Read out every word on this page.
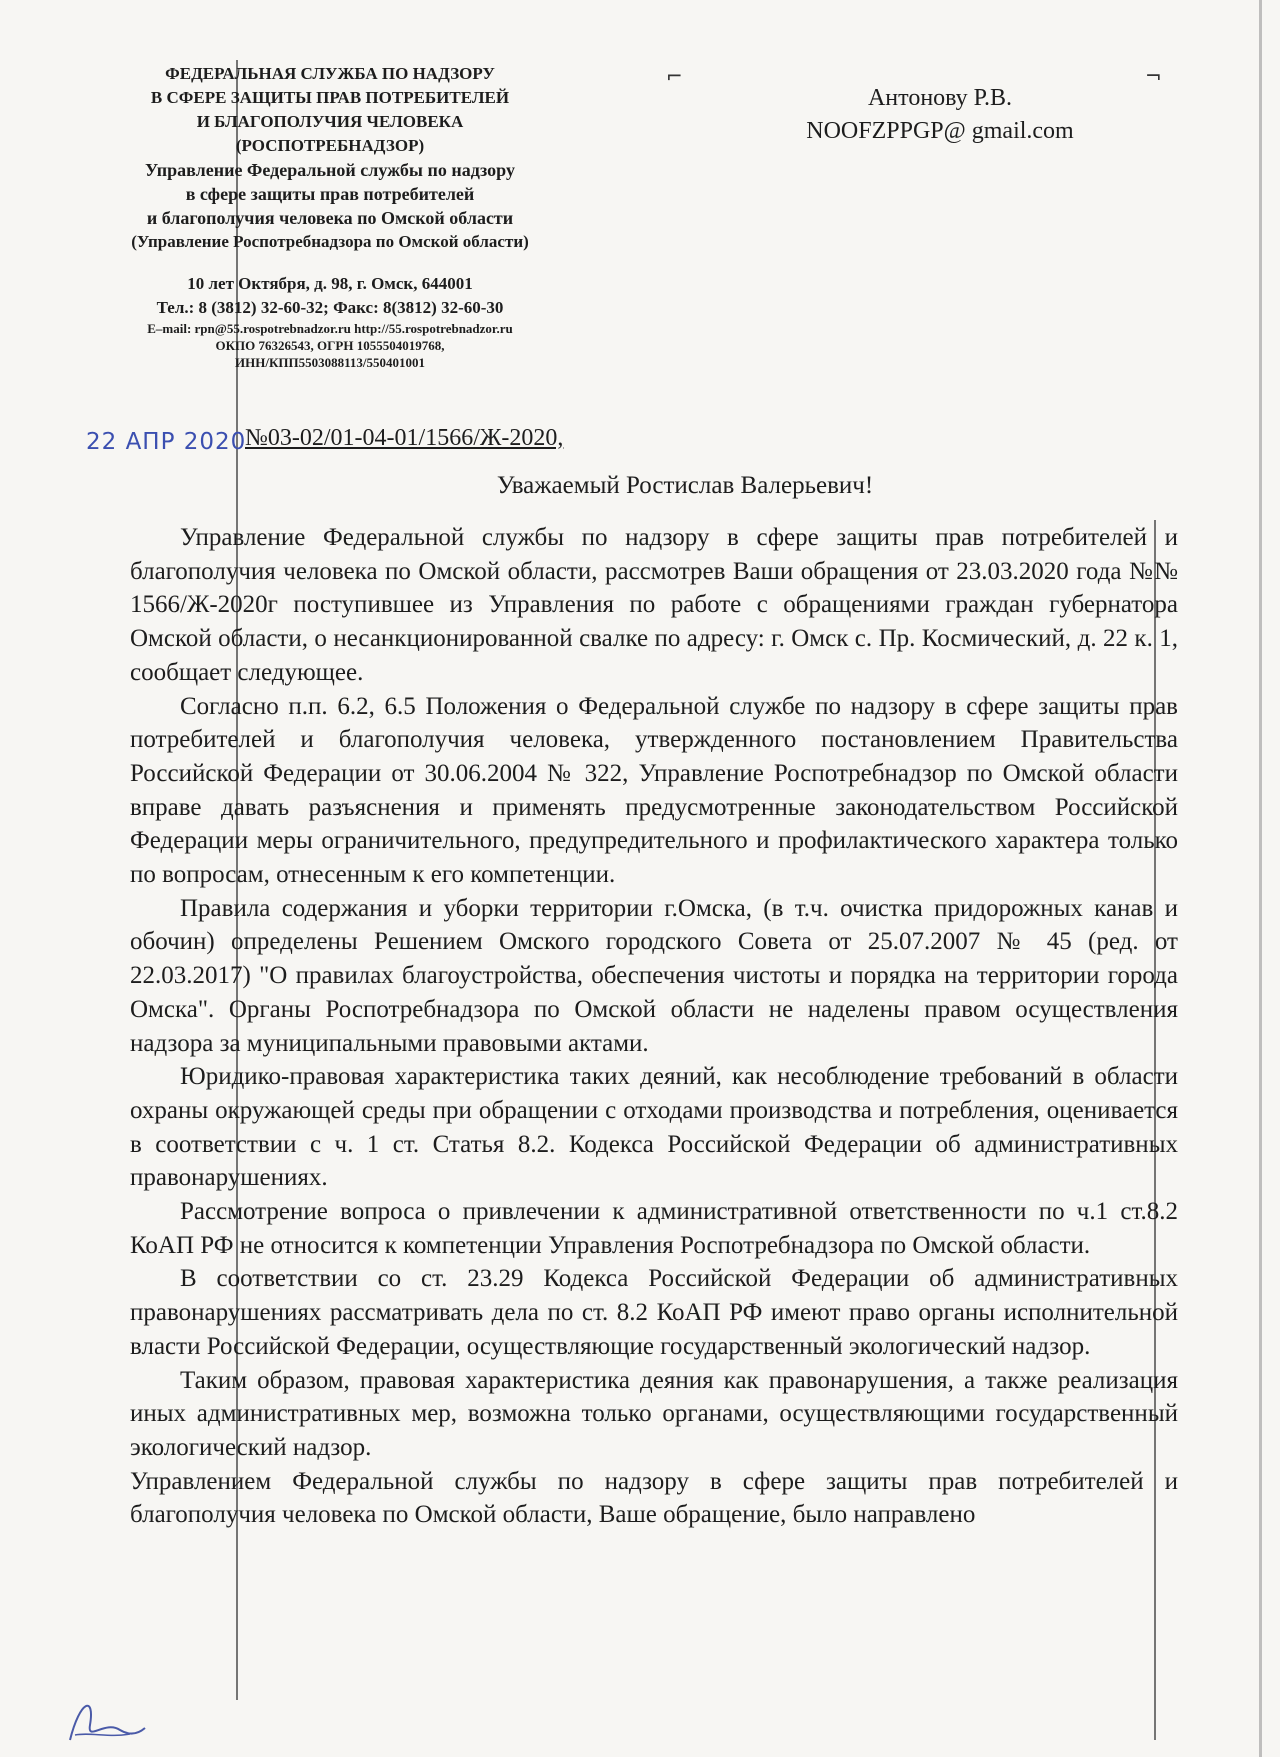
ФЕДЕРАЛЬНАЯ СЛУЖБА ПО НАДЗОРУ
В СФЕРЕ ЗАЩИТЫ ПРАВ ПОТРЕБИТЕЛЕЙ
И БЛАГОПОЛУЧИЯ ЧЕЛОВЕКА
(РОСПОТРЕБНАДЗОР)
Управление Федеральной службы по надзору
в сфере защиты прав потребителей
и благополучия человека по Омской области
(Управление Роспотребнадзора по Омской области)
10 лет Октября, д. 98, г. Омск, 644001
Тел.: 8 (3812) 32-60-32; Факс: 8(3812) 32-60-30
E–mail: rpn@55.rospotrebnadzor.ru http://55.rospotrebnadzor.ru
ОКПО 76326543, ОГРН 1055504019768,
ИНН/КПП5503088113/550401001
⌐	¬
Антонову Р.В.
NOOFZPPGP@ gmail.com
22 АПР 2020
№03-02/01-04-01/1566/Ж-2020,
Уважаемый Ростислав Валерьевич!

Управление Федеральной службы по надзору в сфере защиты прав потребителей и благополучия человека по Омской области, рассмотрев Ваши обращения от 23.03.2020 года №№ 1566/Ж-2020г поступившее из Управления по работе с обращениями граждан губернатора Омской области, о несанкционированной свалке по адресу: г. Омск с. Пр. Космический, д. 22 к. 1, сообщает следующее.

Согласно п.п. 6.2, 6.5 Положения о Федеральной службе по надзору в сфере защиты прав потребителей и благополучия человека, утвержденного постановлением Правительства Российской Федерации от 30.06.2004 № 322, Управление Роспотребнадзор по Омской области вправе давать разъяснения и применять предусмотренные законодательством Российской Федерации меры ограничительного, предупредительного и профилактического характера только по вопросам, отнесенным к его компетенции.

Правила содержания и уборки территории г.Омска, (в т.ч. очистка придорожных канав и обочин) определены Решением Омского городского Совета от 25.07.2007 № 45 (ред. от 22.03.2017) "О правилах благоустройства, обеспечения чистоты и порядка на территории города Омска". Органы Роспотребнадзора по Омской области не наделены правом осуществления надзора за муниципальными правовыми актами.

Юридико-правовая характеристика таких деяний, как несоблюдение требований в области охраны окружающей среды при обращении с отходами производства и потребления, оценивается в соответствии с ч. 1 ст. Статья 8.2. Кодекса Российской Федерации об административных правонарушениях.

Рассмотрение вопроса о привлечении к административной ответственности по ч.1 ст.8.2 КоАП РФ не относится к компетенции Управления Роспотребнадзора по Омской области.

В соответствии со ст. 23.29 Кодекса Российской Федерации об административных правонарушениях рассматривать дела по ст. 8.2 КоАП РФ имеют право органы исполнительной власти Российской Федерации, осуществляющие государственный экологический надзор.

Таким образом, правовая характеристика деяния как правонарушения, а также реализация иных административных мер, возможна только органами, осуществляющими государственный экологический надзор.

Управлением Федеральной службы по надзору в сфере защиты прав потребителей и благополучия человека по Омской области, Ваше обращение, было направлено
